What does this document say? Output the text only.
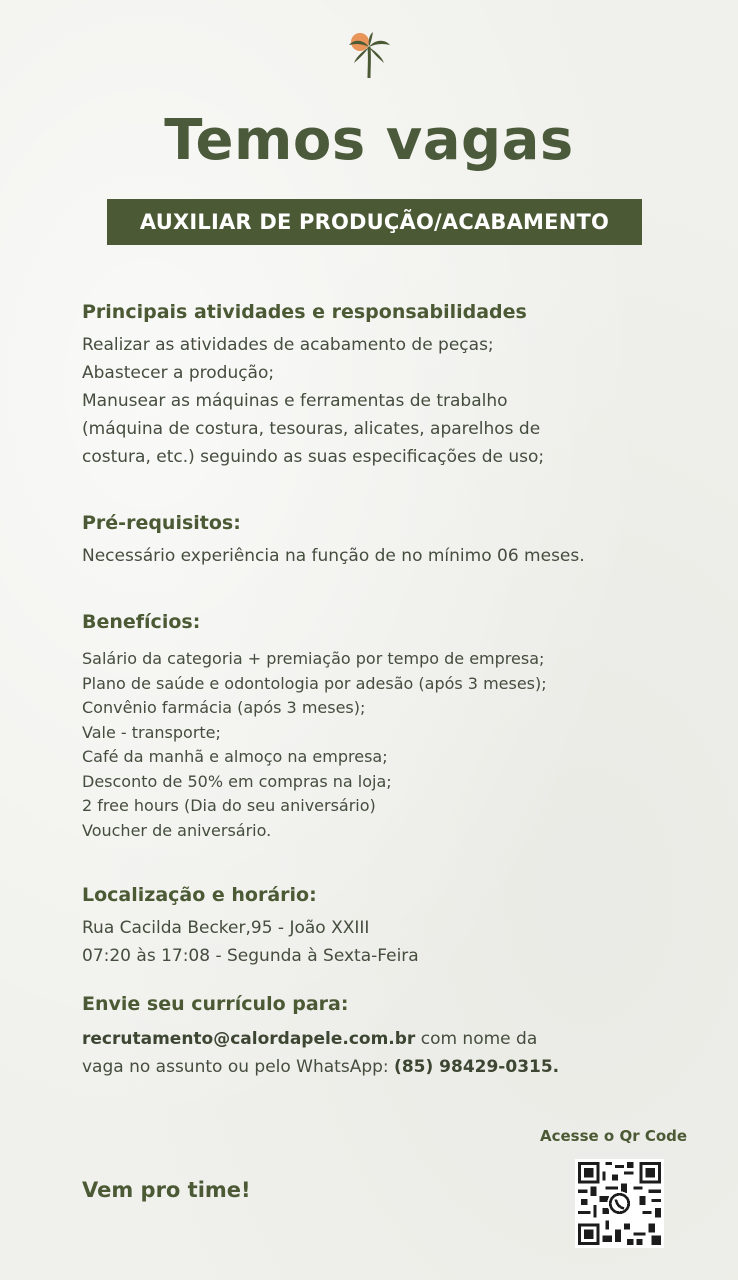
Temos vagas
AUXILIAR DE PRODUÇÃO/ACABAMENTO

Principais atividades e responsabilidades

Realizar as atividades de acabamento de peças;
Abastecer a produção;
Manusear as máquinas e ferramentas de trabalho
(máquina de costura, tesouras, alicates, aparelhos de
costura, etc.) seguindo as suas especificações de uso;

Pré-requisitos:

Necessário experiência na função de no mínimo 06 meses.

Benefícios:

Salário da categoria + premiação por tempo de empresa;
Plano de saúde e odontologia por adesão (após 3 meses);
Convênio farmácia (após 3 meses);
Vale - transporte;
Café da manhã e almoço na empresa;
Desconto de 50% em compras na loja;
2 free hours (Dia do seu aniversário)
Voucher de aniversário.

Localização e horário:

Rua Cacilda Becker,95 - João XXIII
07:20 às 17:08 - Segunda à Sexta-Feira

Envie seu currículo para:

recrutamento@calordapele.com.br com nome da
vaga no assunto ou pelo WhatsApp: (85) 98429-0315.

Vem pro time!
Acesse o Qr Code
